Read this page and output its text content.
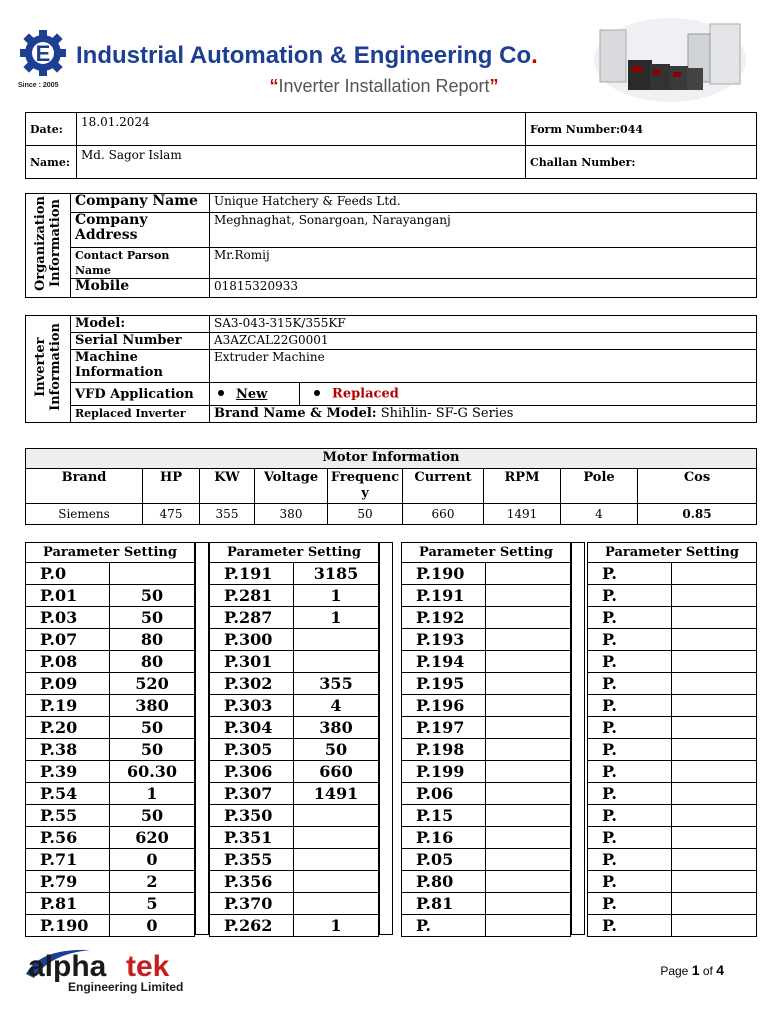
E
Since : 2005
Industrial Automation & Engineering Co.
“Inverter Installation Report”
Date:	18.01.2024	Form Number:044
Name:	Md. Sagor Islam	Challan Number:
Organization
Information	Company Name	Unique Hatchery & Feeds Ltd.
	Company Address	Meghnaghat, Sonargoan, Narayanganj
	Contact Parson Name	Mr.Romij
	Mobile	01815320933
Inverter
Information	Model:	SA3-043-315K/355KF
	Serial Number	A3AZCAL22G0001
	Machine Information	Extruder Machine
	VFD Application	New Replaced
	Replaced Inverter	Brand Name & Model: Shihlin- SF-G Series
Motor Information								
Brand	HP	KW	Voltage	Frequency	Current	RPM	Pole	Cos
Siemens	475	355	380	50	660	1491	4	0.85
Parameter Setting	
P.0	
P.01	50
P.03	50
P.07	80
P.08	80
P.09	520
P.19	380
P.20	50
P.38	50
P.39	60.30
P.54	1
P.55	50
P.56	620
P.71	0
P.79	2
P.81	5
P.190	0
Parameter Setting	
P.191	3185
P.281	1
P.287	1
P.300	
P.301	
P.302	355
P.303	4
P.304	380
P.305	50
P.306	660
P.307	1491
P.350	
P.351	
P.355	
P.356	
P.370	
P.262	1
Parameter Setting	
P.190	
P.191	
P.192	
P.193	
P.194	
P.195	
P.196	
P.197	
P.198	
P.199	
P.06	
P.15	
P.16	
P.05	
P.80	
P.81	
P.	
Parameter Setting	
P.	
P.	
P.	
P.	
P.	
P.	
P.	
P.	
P.	
P.	
P.	
P.	
P.	
P.	
P.	
P.	
P.	
alpha tek
Engineering Limited
Page 1 of 4
